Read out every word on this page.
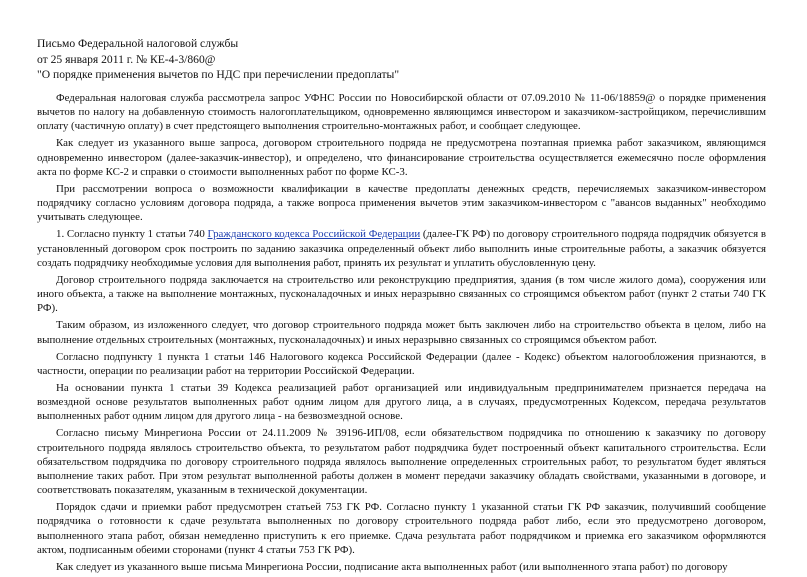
Письмо Федеральной налоговой службы
от 25 января 2011 г. № КЕ-4-3/860@
"О порядке применения вычетов по НДС при перечислении предоплаты"

Федеральная налоговая служба рассмотрела запрос УФНС России по Новосибирской области от 07.09.2010 № 11-06/18859@ о порядке применения вычетов по налогу на добавленную стоимость налогоплательщиком, одновременно являющимся инвестором и заказчиком-застройщиком, перечислившим оплату (частичную оплату) в счет предстоящего выполнения строительно-монтажных работ, и сообщает следующее.

Как следует из указанного выше запроса, договором строительного подряда не предусмотрена поэтапная приемка работ заказчиком, являющимся одновременно инвестором (далее-заказчик-инвестор), и определено, что финансирование строительства осуществляется ежемесячно после оформления акта по форме КС-2 и справки о стоимости выполненных работ по форме КС-3.

При рассмотрении вопроса о возможности квалификации в качестве предоплаты денежных средств, перечисляемых заказчиком-инвестором подрядчику согласно условиям договора подряда, а также вопроса применения вычетов этим заказчиком-инвестором с "авансов выданных" необходимо учитывать следующее.

1. Согласно пункту 1 статьи 740 Гражданского кодекса Российской Федерации (далее-ГК РФ) по договору строительного подряда подрядчик обязуется в установленный договором срок построить по заданию заказчика определенный объект либо выполнить иные строительные работы, а заказчик обязуется создать подрядчику необходимые условия для выполнения работ, принять их результат и уплатить обусловленную цену.

Договор строительного подряда заключается на строительство или реконструкцию предприятия, здания (в том числе жилого дома), сооружения или иного объекта, а также на выполнение монтажных, пусконаладочных и иных неразрывно связанных со строящимся объектом работ (пункт 2 статьи 740 ГК РФ).

Таким образом, из изложенного следует, что договор строительного подряда может быть заключен либо на строительство объекта в целом, либо на выполнение отдельных строительных (монтажных, пусконаладочных) и иных неразрывно связанных со строящимся объектом работ.

Согласно подпункту 1 пункта 1 статьи 146 Налогового кодекса Российской Федерации (далее - Кодекс) объектом налогообложения признаются, в частности, операции по реализации работ на территории Российской Федерации.

На основании пункта 1 статьи 39 Кодекса реализацией работ организацией или индивидуальным предпринимателем признается передача на возмездной основе результатов выполненных работ одним лицом для другого лица, а в случаях, предусмотренных Кодексом, передача результатов выполненных работ одним лицом для другого лица - на безвозмездной основе.

Согласно письму Минрегиона России от 24.11.2009 № 39196-ИП/08, если обязательством подрядчика по отношению к заказчику по договору строительного подряда являлось строительство объекта, то результатом работ подрядчика будет построенный объект капитального строительства. Если обязательством подрядчика по договору строительного подряда являлось выполнение определенных строительных работ, то результатом будет являться выполнение таких работ. При этом результат выполненной работы должен в момент передачи заказчику обладать свойствами, указанными в договоре, и соответствовать показателям, указанным в технической документации.

Порядок сдачи и приемки работ предусмотрен статьей 753 ГК РФ. Согласно пункту 1 указанной статьи ГК РФ заказчик, получивший сообщение подрядчика о готовности к сдаче результата выполненных по договору строительного подряда работ либо, если это предусмотрено договором, выполненного этапа работ, обязан немедленно приступить к его приемке. Сдача результата работ подрядчиком и приемка его заказчиком оформляются актом, подписанным обеими сторонами (пункт 4 статьи 753 ГК РФ).

Как следует из указанного выше письма Минрегиона России, подписание акта выполненных работ (или выполненного этапа работ) по договору
